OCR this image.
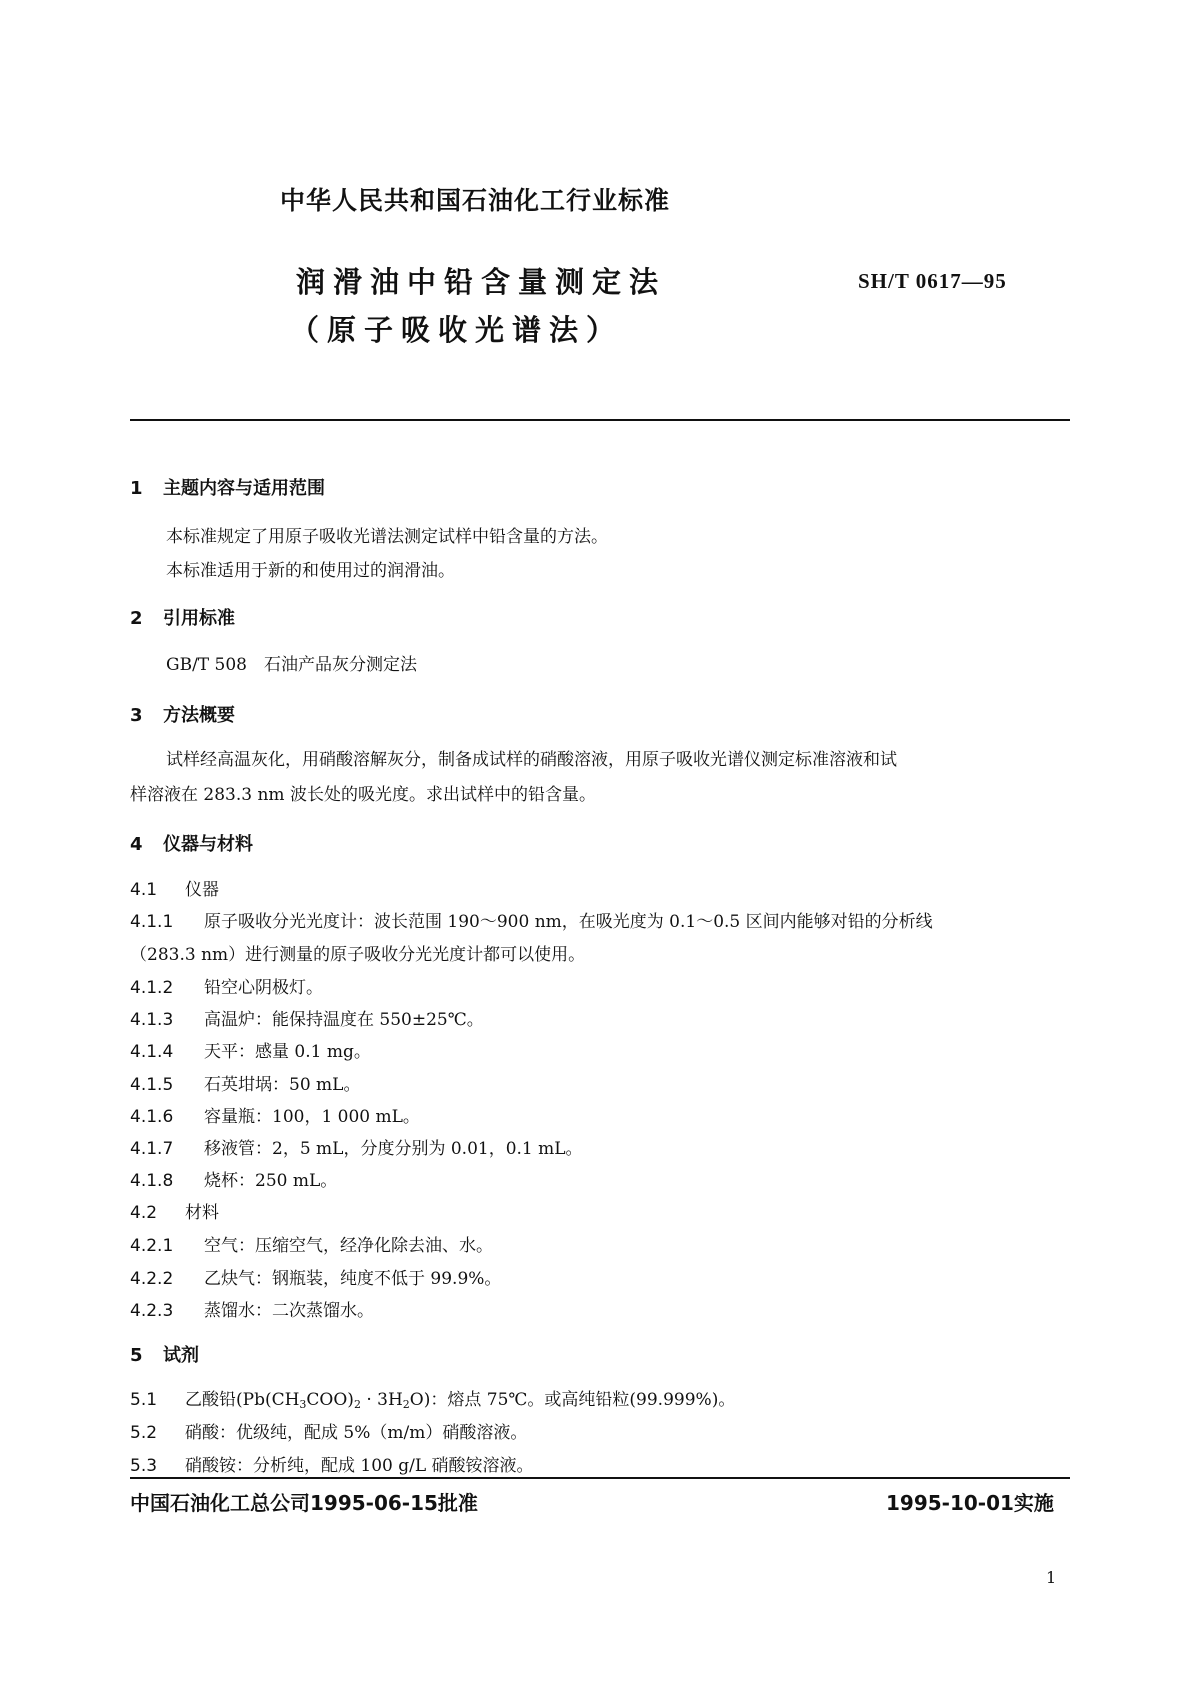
中华人民共和国石油化工行业标准
润滑油中铅含量测定法
（原子吸收光谱法）
SH/T 0617—95
1 主题内容与适用范围
本标准规定了用原子吸收光谱法测定试样中铅含量的方法。
本标准适用于新的和使用过的润滑油。
2 引用标准
GB/T 508　石油产品灰分测定法
3 方法概要
试样经高温灰化，用硝酸溶解灰分，制备成试样的硝酸溶液，用原子吸收光谱仪测定标准溶液和试
样溶液在 283.3 nm 波长处的吸光度。求出试样中的铅含量。
4 仪器与材料
4.1 仪器
4.1.1 原子吸收分光光度计：波长范围 190～900 nm，在吸光度为 0.1～0.5 区间内能够对铅的分析线
（283.3 nm）进行测量的原子吸收分光光度计都可以使用。
4.1.2 铅空心阴极灯。
4.1.3 高温炉：能保持温度在 550±25℃。
4.1.4 天平：感量 0.1 mg。
4.1.5 石英坩埚：50 mL。
4.1.6 容量瓶：100，1 000 mL。
4.1.7 移液管：2，5 mL，分度分别为 0.01，0.1 mL。
4.1.8 烧杯：250 mL。
4.2 材料
4.2.1 空气：压缩空气，经净化除去油、水。
4.2.2 乙炔气：钢瓶装，纯度不低于 99.9%。
4.2.3 蒸馏水：二次蒸馏水。
5 试剂
5.1 乙酸铅$(Pb(CH_3COO)_2 \cdot 3H_2O)$：熔点 75℃。或高纯铅粒(99.999%)。
5.2 硝酸：优级纯，配成 5%（m/m）硝酸溶液。
5.3 硝酸铵：分析纯，配成 100 g/L 硝酸铵溶液。
中国石油化工总公司1995-06-15批准	1995-10-01实施
1
